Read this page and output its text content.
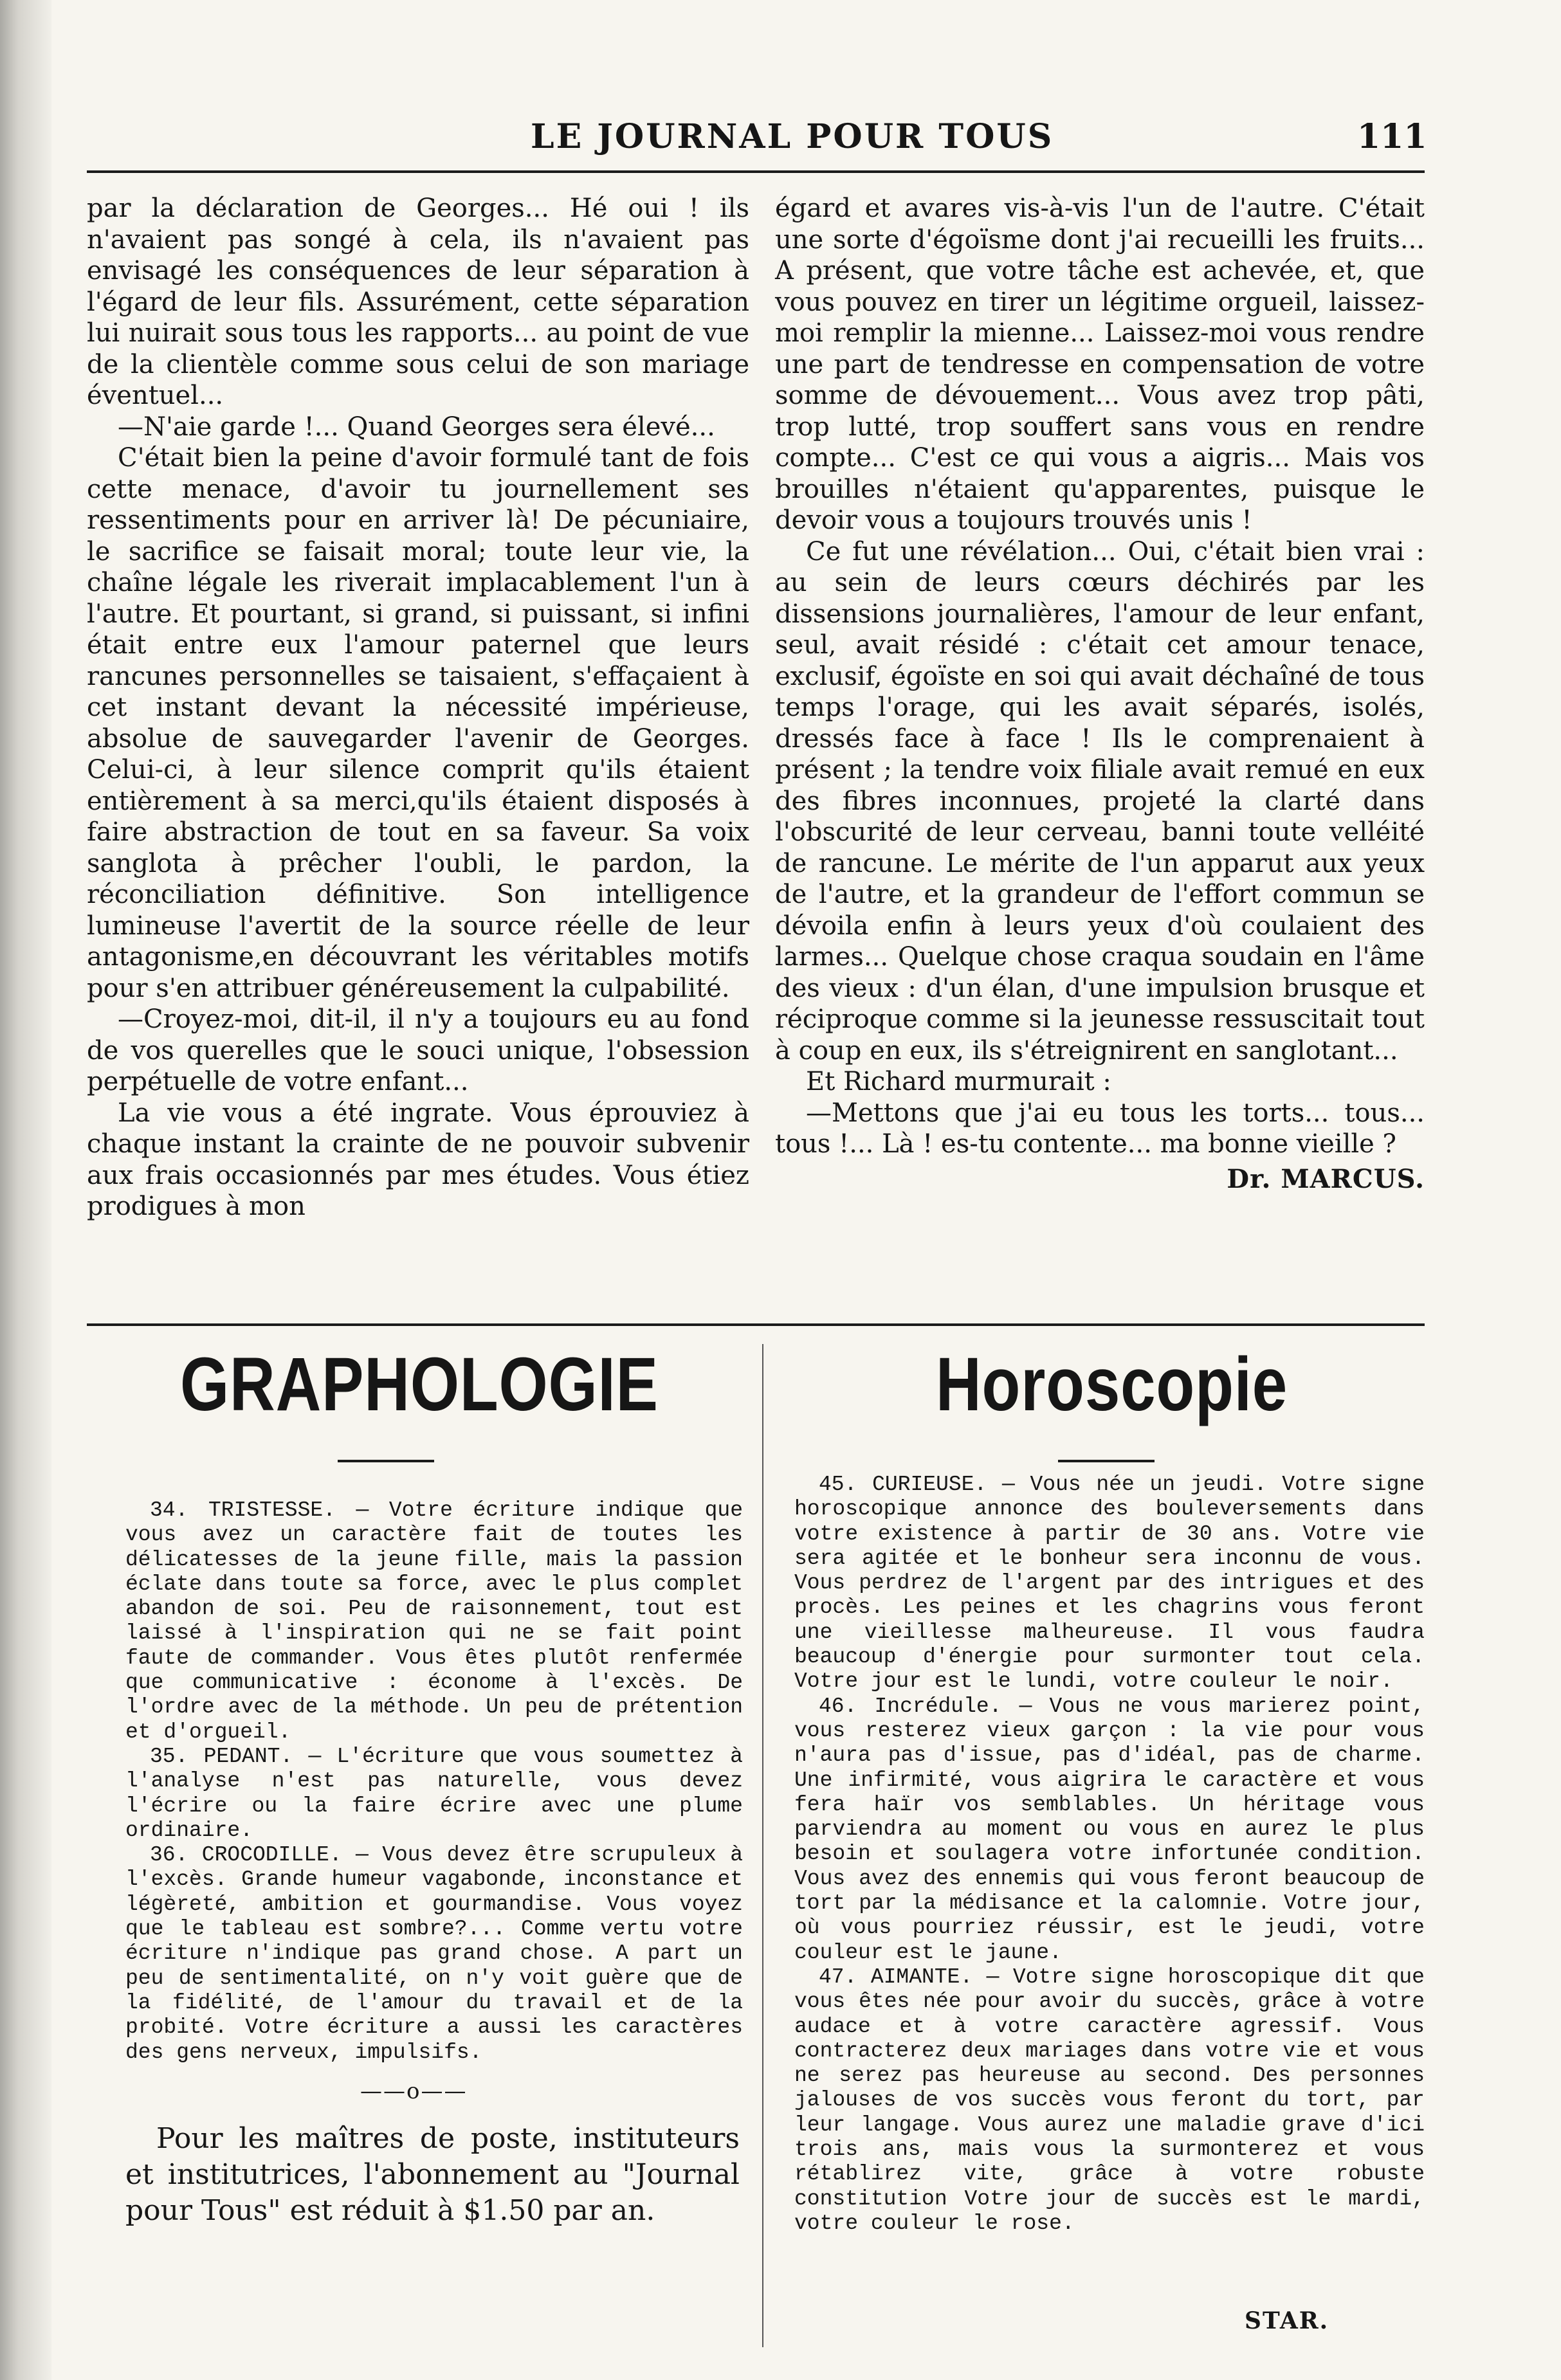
LE JOURNAL POUR TOUS	111

par la déclaration de Georges... Hé oui ! ils n'avaient pas songé à cela, ils n'avaient pas envisagé les conséquences de leur séparation à l'égard de leur fils. Assurément, cette séparation lui nuirait sous tous les rapports... au point de vue de la clientèle comme sous celui de son mariage éventuel...

—N'aie garde !... Quand Georges sera élevé...

C'était bien la peine d'avoir formulé tant de fois cette menace, d'avoir tu journellement ses ressentiments pour en arriver là! De pécuniaire, le sacrifice se faisait moral; toute leur vie, la chaîne légale les riverait implacablement l'un à l'autre. Et pourtant, si grand, si puissant, si infini était entre eux l'amour paternel que leurs rancunes personnelles se taisaient, s'effaçaient à cet instant devant la nécessité impérieuse, absolue de sauvegarder l'avenir de Georges. Celui-ci, à leur silence comprit qu'ils étaient entièrement à sa merci,qu'ils étaient disposés à faire abstraction de tout en sa faveur. Sa voix sanglota à prêcher l'oubli, le pardon, la réconciliation définitive. Son intelligence lumineuse l'avertit de la source réelle de leur antagonisme,en découvrant les véritables motifs pour s'en attribuer généreusement la culpabilité.

—Croyez-moi, dit-il, il n'y a toujours eu au fond de vos querelles que le souci unique, l'obsession perpétuelle de votre enfant...

La vie vous a été ingrate. Vous éprouviez à chaque instant la crainte de ne pouvoir subvenir aux frais occasionnés par mes études. Vous étiez prodigues à mon

égard et avares vis-à-vis l'un de l'autre. C'était une sorte d'égoïsme dont j'ai recueilli les fruits... A présent, que votre tâche est achevée, et, que vous pouvez en tirer un légitime orgueil, laissez-moi remplir la mienne... Laissez-moi vous rendre une part de tendresse en compensation de votre somme de dévouement... Vous avez trop pâti, trop lutté, trop souffert sans vous en rendre compte... C'est ce qui vous a aigris... Mais vos brouilles n'étaient qu'apparentes, puisque le devoir vous a toujours trouvés unis !

Ce fut une révélation... Oui, c'était bien vrai : au sein de leurs cœurs déchirés par les dissensions journalières, l'amour de leur enfant, seul, avait résidé : c'était cet amour tenace, exclusif, égoïste en soi qui avait déchaîné de tous temps l'orage, qui les avait séparés, isolés, dressés face à face ! Ils le comprenaient à présent ; la tendre voix filiale avait remué en eux des fibres inconnues, projeté la clarté dans l'obscurité de leur cerveau, banni toute velléité de rancune. Le mérite de l'un apparut aux yeux de l'autre, et la grandeur de l'effort commun se dévoila enfin à leurs yeux d'où coulaient des larmes... Quelque chose craqua soudain en l'âme des vieux : d'un élan, d'une impulsion brusque et réciproque comme si la jeunesse ressuscitait tout à coup en eux, ils s'étreignirent en sanglotant...

Et Richard murmurait :

—Mettons que j'ai eu tous les torts... tous... tous !... Là ! es-tu contente... ma bonne vieille ?

Dr. MARCUS.
GRAPHOLOGIE

34. TRISTESSE. — Votre écriture indique que vous avez un caractère fait de toutes les délicatesses de la jeune fille, mais la passion éclate dans toute sa force, avec le plus complet abandon de soi. Peu de raisonnement, tout est laissé à l'inspiration qui ne se fait point faute de commander. Vous êtes plutôt renfermée que communicative : économe à l'excès. De l'ordre avec de la méthode. Un peu de prétention et d'orgueil.

35. PEDANT. — L'écriture que vous soumettez à l'analyse n'est pas naturelle, vous devez l'écrire ou la faire écrire avec une plume ordinaire.

36. CROCODILLE. — Vous devez être scrupuleux à l'excès. Grande humeur vagabonde, inconstance et légèreté, ambition et gourmandise. Vous voyez que le tableau est sombre?... Comme vertu votre écriture n'indique pas grand chose. A part un peu de sentimentalité, on n'y voit guère que de la fidélité, de l'amour du travail et de la probité. Votre écriture a aussi les caractères des gens nerveux, impulsifs.

——o——
Pour les maîtres de poste, instituteurs et institutrices, l'abonnement au "Journal pour Tous" est réduit à $1.50 par an.
Horoscopie

45. CURIEUSE. — Vous née un jeudi. Votre signe horoscopique annonce des bouleversements dans votre existence à partir de 30 ans. Votre vie sera agitée et le bonheur sera inconnu de vous. Vous perdrez de l'argent par des intrigues et des procès. Les peines et les chagrins vous feront une vieillesse malheureuse. Il vous faudra beaucoup d'énergie pour surmonter tout cela. Votre jour est le lundi, votre couleur le noir.

46. Incrédule. — Vous ne vous marierez point, vous resterez vieux garçon : la vie pour vous n'aura pas d'issue, pas d'idéal, pas de charme. Une infirmité, vous aigrira le caractère et vous fera haïr vos semblables. Un héritage vous parviendra au moment ou vous en aurez le plus besoin et soulagera votre infortunée condition. Vous avez des ennemis qui vous feront beaucoup de tort par la médisance et la calomnie. Votre jour, où vous pourriez réussir, est le jeudi, votre couleur est le jaune.

47. AIMANTE. — Votre signe horoscopique dit que vous êtes née pour avoir du succès, grâce à votre audace et à votre caractère agressif. Vous contracterez deux mariages dans votre vie et vous ne serez pas heureuse au second. Des personnes jalouses de vos succès vous feront du tort, par leur langage. Vous aurez une maladie grave d'ici trois ans, mais vous la surmonterez et vous rétablirez vite, grâce à votre robuste constitution Votre jour de succès est le mardi, votre couleur le rose.

STAR.
